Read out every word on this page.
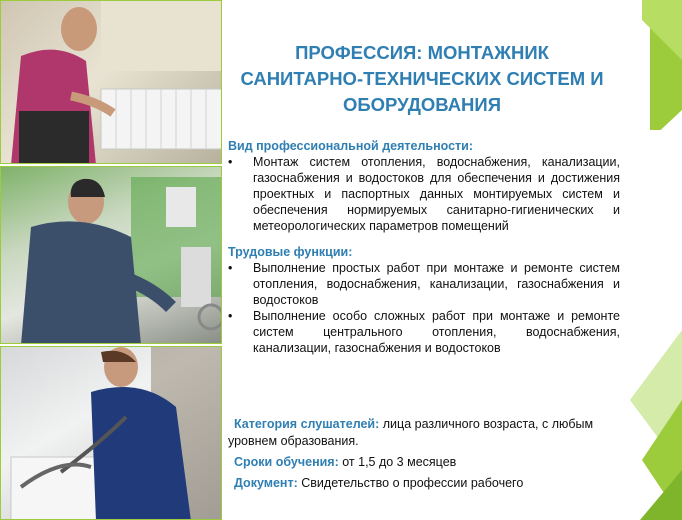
ПРОФЕССИЯ: МОНТАЖНИК
САНИТАРНО-ТЕХНИЧЕСКИХ СИСТЕМ И
ОБОРУДОВАНИЯ
Вид профессиональной деятельности:
• Монтаж систем отопления, водоснабжения, канализации, газоснабжения и водостоков для обеспечения и достижения проектных и паспортных данных монтируемых систем и обеспечения нормируемых санитарно-гигиенических и метеорологических параметров помещений
Трудовые функции:
• Выполнение простых работ при монтаже и ремонте систем отопления, водоснабжения, канализации, газоснабжения и водостоков
• Выполнение особо сложных работ при монтаже и ремонте систем центрального отопления, водоснабжения, канализации, газоснабжения и водостоков
Категория слушателей: лица различного возраста, с любым уровнем образования.
Сроки обучения: от 1,5 до 3 месяцев
Документ: Свидетельство о профессии рабочего
